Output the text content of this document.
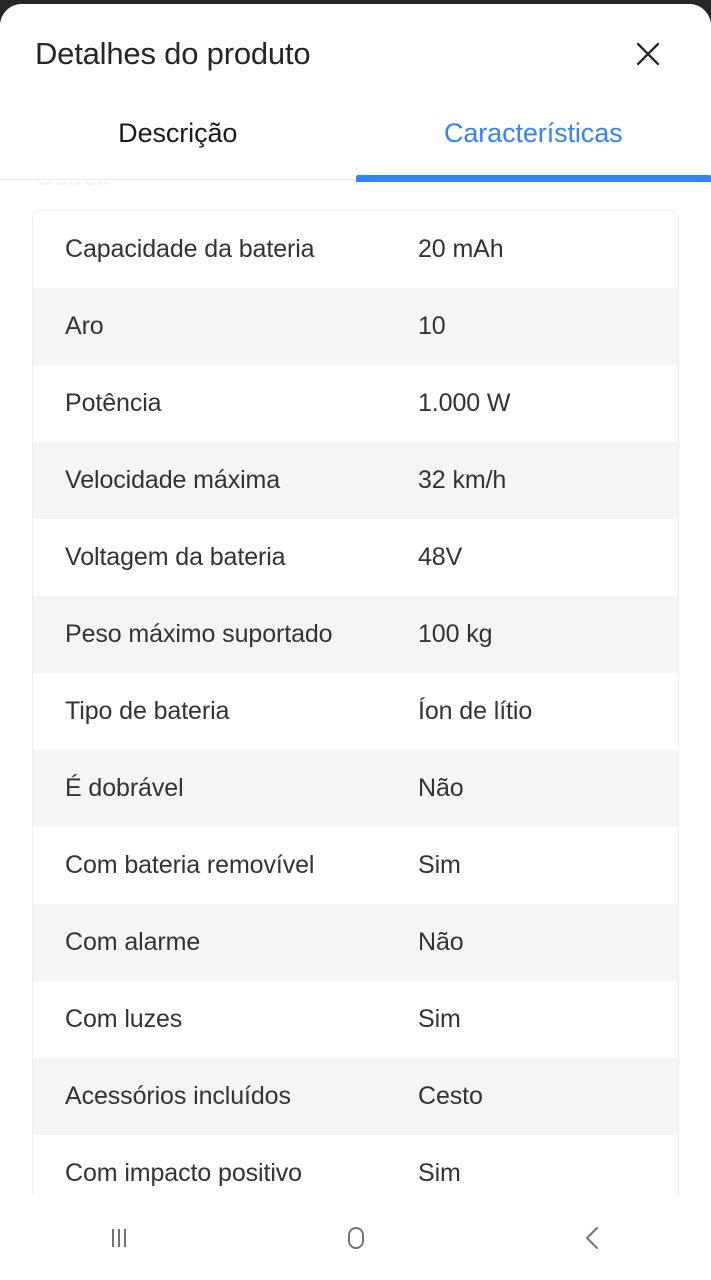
Detalhes do produto
Descrição	Características
Capacidade da bateria	20 mAh
Aro	10
Potência	1.000 W
Velocidade máxima	32 km/h
Voltagem da bateria	48V
Peso máximo suportado	100 kg
Tipo de bateria	Íon de lítio
É dobrável	Não
Com bateria removível	Sim
Com alarme	Não
Com luzes	Sim
Acessórios incluídos	Cesto
Com impacto positivo	Sim
